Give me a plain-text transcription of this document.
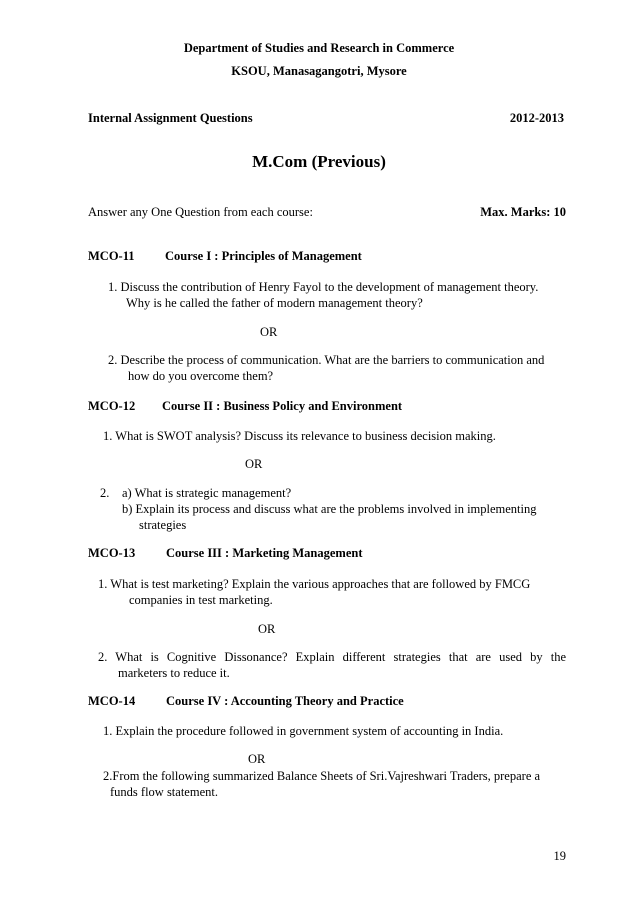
Department of Studies and Research in Commerce
KSOU, Manasagangotri, Mysore
Internal Assignment Questions	2012-2013
M.Com (Previous)
Answer any One Question from each course:	Max. Marks: 10
MCO-11 Course I : Principles of Management
1. Discuss the contribution of Henry Fayol to the development of management theory.
Why is he called the father of modern management theory?
OR
2. Describe the process of communication. What are the barriers to communication and
how do you overcome them?
MCO-12 Course II : Business Policy and Environment
1. What is SWOT analysis? Discuss its relevance to business decision making.
OR
2. a) What is strategic management?
b) Explain its process and discuss what are the problems involved in implementing
strategies
MCO-13 Course III : Marketing Management
1. What is test marketing? Explain the various approaches that are followed by FMCG
companies in test marketing.
OR
2. What is Cognitive Dissonance? Explain different strategies that are used by the
marketers to reduce it.
MCO-14 Course IV : Accounting Theory and Practice
1. Explain the procedure followed in government system of accounting in India.
OR
2.From the following summarized Balance Sheets of Sri.Vajreshwari Traders, prepare a
funds flow statement.
19
